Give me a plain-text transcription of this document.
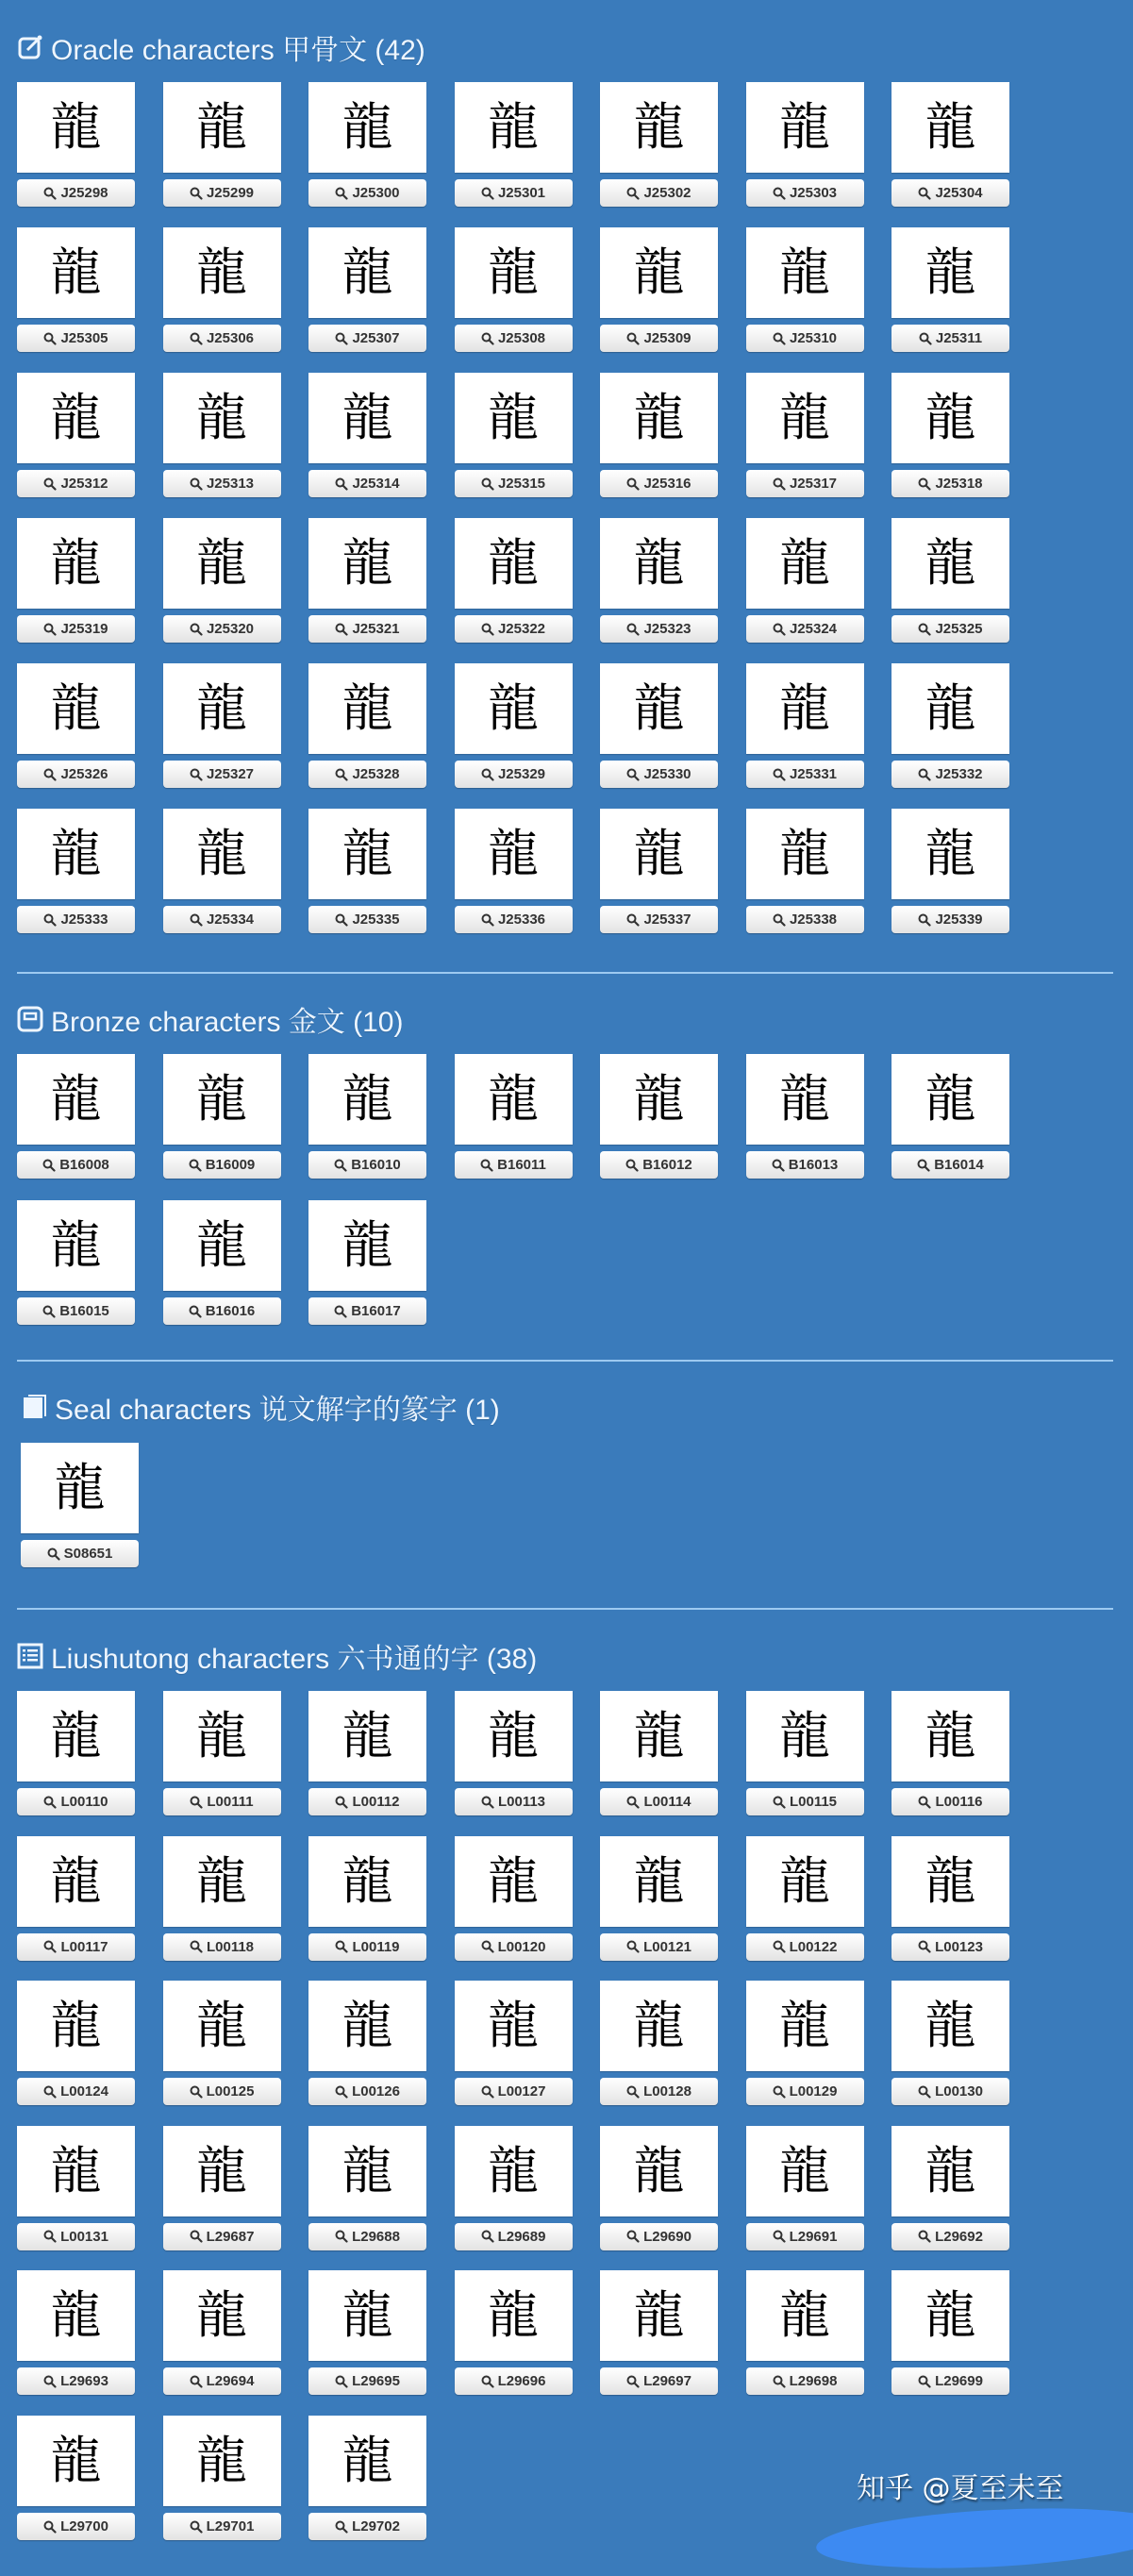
Oracle characters 甲骨文 (42)
龍
J25298
龍
J25299
龍
J25300
龍
J25301
龍
J25302
龍
J25303
龍
J25304
龍
J25305
龍
J25306
龍
J25307
龍
J25308
龍
J25309
龍
J25310
龍
J25311
龍
J25312
龍
J25313
龍
J25314
龍
J25315
龍
J25316
龍
J25317
龍
J25318
龍
J25319
龍
J25320
龍
J25321
龍
J25322
龍
J25323
龍
J25324
龍
J25325
龍
J25326
龍
J25327
龍
J25328
龍
J25329
龍
J25330
龍
J25331
龍
J25332
龍
J25333
龍
J25334
龍
J25335
龍
J25336
龍
J25337
龍
J25338
龍
J25339
Bronze characters 金文 (10)
龍
B16008
龍
B16009
龍
B16010
龍
B16011
龍
B16012
龍
B16013
龍
B16014
龍
B16015
龍
B16016
龍
B16017
Seal characters 说文解字的篆字 (1)
龍
S08651
Liushutong characters 六书通的字 (38)
龍
L00110
龍
L00111
龍
L00112
龍
L00113
龍
L00114
龍
L00115
龍
L00116
龍
L00117
龍
L00118
龍
L00119
龍
L00120
龍
L00121
龍
L00122
龍
L00123
龍
L00124
龍
L00125
龍
L00126
龍
L00127
龍
L00128
龍
L00129
龍
L00130
龍
L00131
龍
L29687
龍
L29688
龍
L29689
龍
L29690
龍
L29691
龍
L29692
龍
L29693
龍
L29694
龍
L29695
龍
L29696
龍
L29697
龍
L29698
龍
L29699
龍
L29700
龍
L29701
龍
L29702
知乎 @夏至未至
